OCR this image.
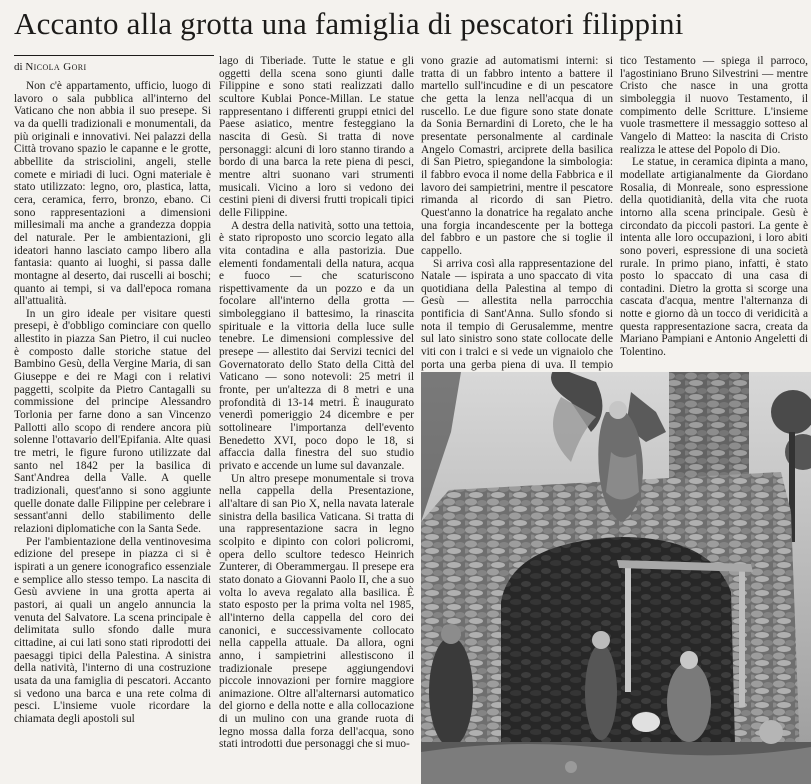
Accanto alla grotta una famiglia di pescatori filippini
di Nicola Gori

Non c'è appartamento, ufficio, luogo di lavoro o sala pubblica all'interno del Vaticano che non abbia il suo presepe. Si va da quelli tradizionali e monumentali, da più originali e innovativi. Nei palazzi della Città trovano spazio le capanne e le grotte, abbellite da strisciolini, angeli, stelle comete e miriadi di luci. Ogni materiale è stato utilizzato: legno, oro, plastica, latta, cera, ceramica, ferro, bronzo, ebano. Ci sono rappresentazioni a dimensioni millesimali ma anche a grandezza doppia del naturale. Per le ambientazioni, gli ideatori hanno lasciato campo libero alla fantasia: quanto ai luoghi, si passa dalle montagne al deserto, dai ruscelli ai boschi; quanto ai tempi, si va dall'epoca romana all'attualità.

In un giro ideale per visitare questi presepi, è d'obbligo cominciare con quello allestito in piazza San Pietro, il cui nucleo è composto dalle storiche statue del Bambino Gesù, della Vergine Maria, di san Giuseppe e dei re Magi con i relativi paggetti, scolpite da Pietro Cantagalli su commissione del principe Alessandro Torlonia per farne dono a san Vincenzo Pallotti allo scopo di rendere ancora più solenne l'ottavario dell'Epifania. Alte quasi tre metri, le figure furono utilizzate dal santo nel 1842 per la basilica di Sant'Andrea della Valle. A quelle tradizionali, quest'anno si sono aggiunte quelle donate dalle Filippine per celebrare i sessant'anni dello stabilimento delle relazioni diplomatiche con la Santa Sede.

Per l'ambientazione della ventinovesima edizione del presepe in piazza ci si è ispirati a un genere iconografico essenziale e semplice allo stesso tempo. La nascita di Gesù avviene in una grotta aperta ai pastori, ai quali un angelo annuncia la venuta del Salvatore. La scena principale è delimitata sullo sfondo dalle mura cittadine, ai cui lati sono stati riprodotti dei paesaggi tipici della Palestina. A sinistra della natività, l'interno di una costruzione usata da una famiglia di pescatori. Accanto si vedono una barca e una rete colma di pesci. L'insieme vuole ricordare la chiamata degli apostoli sul

lago di Tiberiade. Tutte le statue e gli oggetti della scena sono giunti dalle Filippine e sono stati realizzati dallo scultore Kublai Ponce-Millan. Le statue rappresentano i differenti gruppi etnici del Paese asiatico, mentre festeggiano la nascita di Gesù. Si tratta di nove personaggi: alcuni di loro stanno tirando a bordo di una barca la rete piena di pesci, mentre altri suonano vari strumenti musicali. Vicino a loro si vedono dei cestini pieni di diversi frutti tropicali tipici delle Filippine.

A destra della natività, sotto una tettoia, è stato riproposto uno scorcio legato alla vita contadina e alla pastorizia. Due elementi fondamentali della natura, acqua e fuoco — che scaturiscono rispettivamente da un pozzo e da un focolare all'interno della grotta — simboleggiano il battesimo, la rinascita spirituale e la vittoria della luce sulle tenebre. Le dimensioni complessive del presepe — allestito dai Servizi tecnici del Governatorato dello Stato della Città del Vaticano — sono notevoli: 25 metri il fronte, per un'altezza di 8 metri e una profondità di 13-14 metri. È inaugurato venerdì pomeriggio 24 dicembre e per sottolineare l'importanza dell'evento Benedetto XVI, poco dopo le 18, si affaccia dalla finestra del suo studio privato e accende un lume sul davanzale.

Un altro presepe monumentale si trova nella cappella della Presentazione, all'altare di san Pio X, nella navata laterale sinistra della basilica Vaticana. Si tratta di una rappresentazione sacra in legno scolpito e dipinto con colori policromi, opera dello scultore tedesco Heinrich Zunterer, di Oberammergau. Il presepe era stato donato a Giovanni Paolo II, che a suo volta lo aveva regalato alla basilica. È stato esposto per la prima volta nel 1985, all'interno della cappella del coro dei canonici, e successivamente collocato nella cappella attuale. Da allora, ogni anno, i sampietrini allestiscono il tradizionale presepe aggiungendovi piccole innovazioni per fornire maggiore animazione. Oltre all'alternarsi automatico del giorno e della notte e alla collocazione di un mulino con una grande ruota di legno mossa dalla forza dell'acqua, sono stati introdotti due personaggi che si muo-

vono grazie ad automatismi interni: si tratta di un fabbro intento a battere il martello sull'incudine e di un pescatore che getta la lenza nell'acqua di un ruscello. Le due figure sono state donate da Sonia Bernardini di Loreto, che le ha presentate personalmente al cardinale Angelo Comastri, arciprete della basilica di San Pietro, spiegandone la simbologia: il fabbro evoca il nome della Fabbrica e il lavoro dei sampietrini, mentre il pescatore rimanda al ricordo di san Pietro. Quest'anno la donatrice ha regalato anche una forgia incandescente per la bottega del fabbro e un pastore che si toglie il cappello.

Si arriva così alla rappresentazione del Natale — ispirata a uno spaccato di vita quotidiana della Palestina al tempo di Gesù — allestita nella parrocchia pontificia di Sant'Anna. Sullo sfondo si nota il tempio di Gerusalemme, mentre sul lato sinistro sono state collocate delle viti con i tralci e si vede un vignaiolo che porta una gerba piena di uva. Il tempio

tico Testamento — spiega il parroco, l'agostiniano Bruno Silvestrini — mentre Cristo che nasce in una grotta simboleggia il nuovo Testamento, il compimento delle Scritture. L'insieme vuole trasmettere il messaggio sotteso al Vangelo di Matteo: la nascita di Cristo realizza le attese del Popolo di Dio.

Le statue, in ceramica dipinta a mano, modellate artigianalmente da Giordano Rosalia, di Monreale, sono espressione della quotidianità, della vita che ruota intorno alla scena principale. Gesù è circondato da piccoli pastori. La gente è intenta alle loro occupazioni, i loro abiti sono poveri, espressione di una società rurale. In primo piano, infatti, è stato posto lo spaccato di una casa di contadini. Dietro la grotta si scorge una cascata d'acqua, mentre l'alternanza di notte e giorno dà un tocco di veridicità a questa rappresentazione sacra, creata da Mariano Pampiani e Antonio Angeletti di Tolentino.
